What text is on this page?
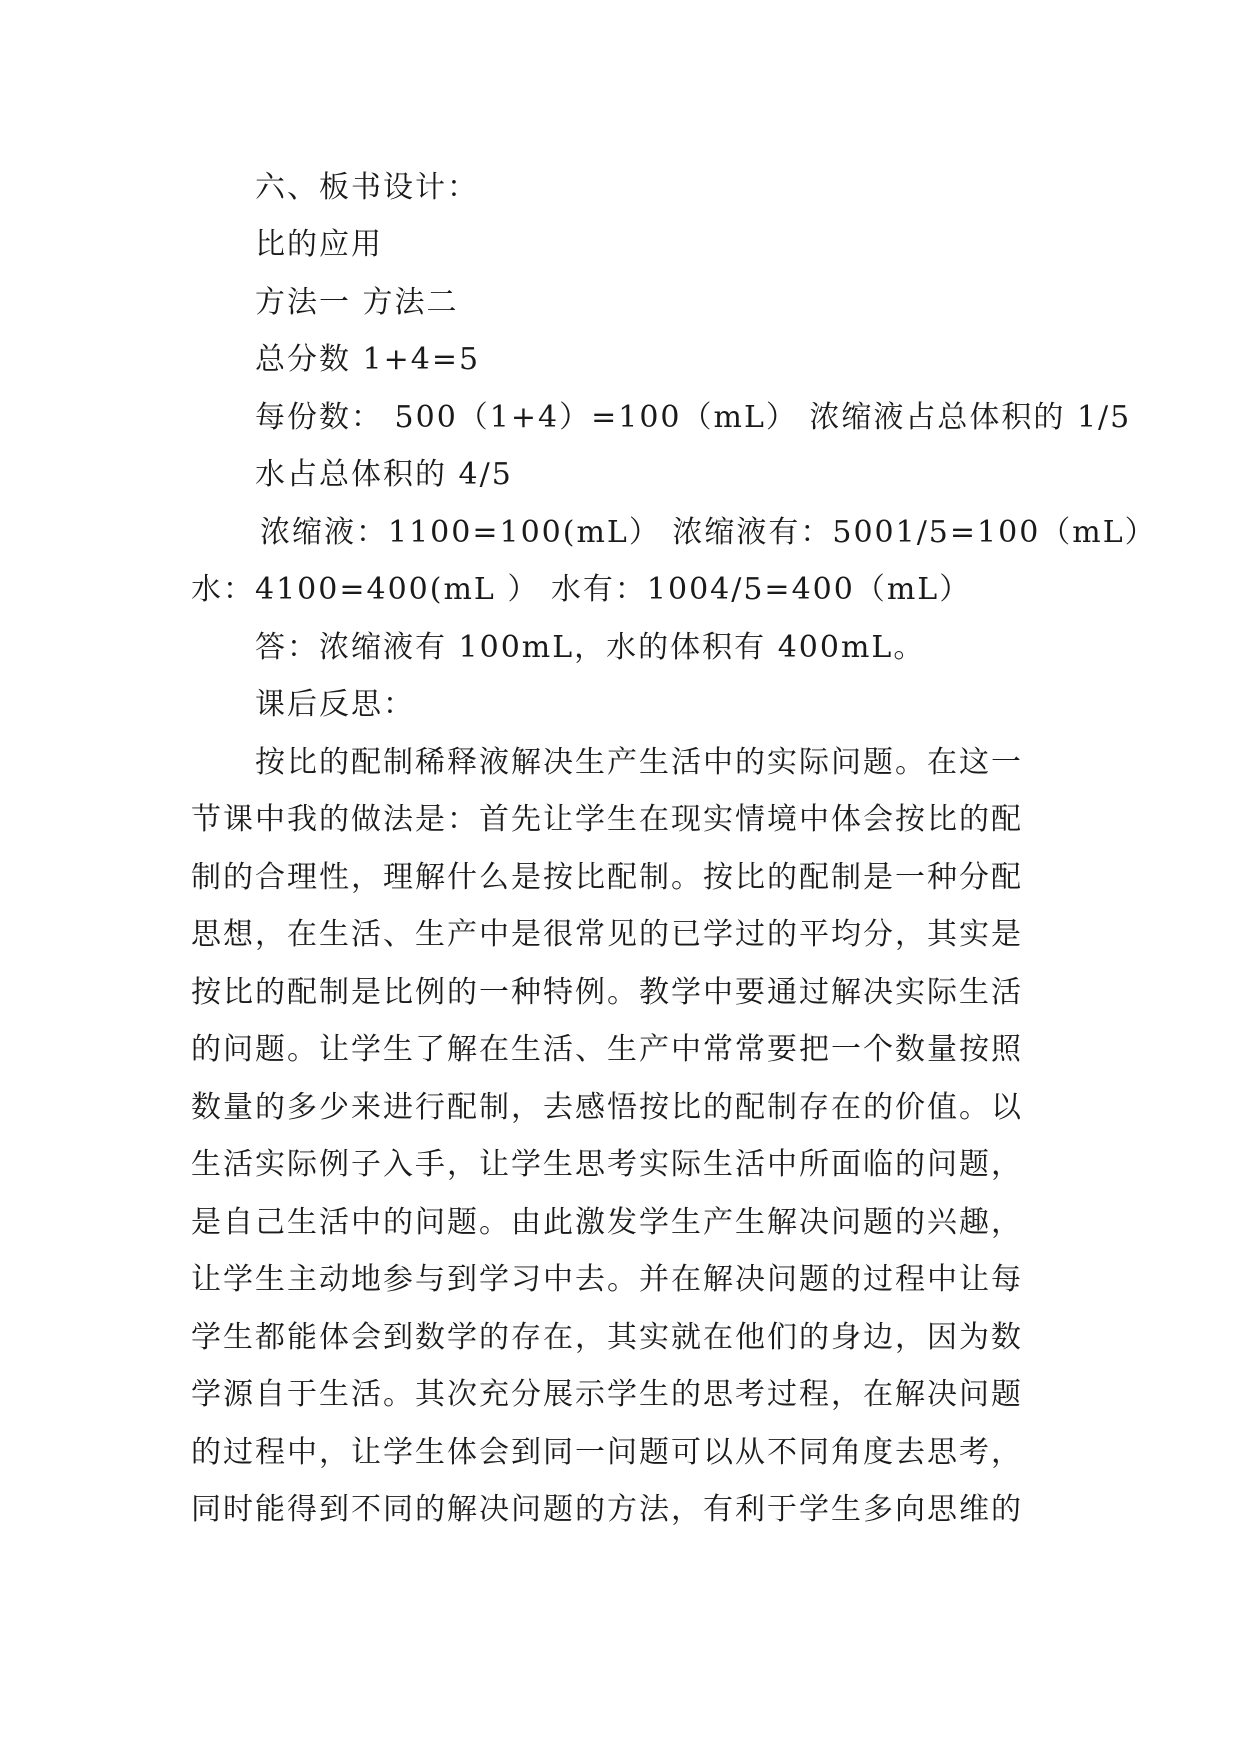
六、板书设计：
比的应用
方法一 方法二
总分数 1+4=5
每份数： 500（1+4）=100（mL） 浓缩液占总体积的 1/5
水占总体积的 4/5
浓缩液：1100=100(mL） 浓缩液有：5001/5=100（mL）
水：4100=400(mL ） 水有：1004/5=400（mL）
答：浓缩液有 100mL，水的体积有 400mL。
课后反思：
按比的配制稀释液解决生产生活中的实际问题。在这一
节课中我的做法是：首先让学生在现实情境中体会按比的配
制的合理性，理解什么是按比配制。按比的配制是一种分配
思想，在生活、生产中是很常见的已学过的平均分，其实是
按比的配制是比例的一种特例。教学中要通过解决实际生活
的问题。让学生了解在生活、生产中常常要把一个数量按照
数量的多少来进行配制，去感悟按比的配制存在的价值。以
生活实际例子入手，让学生思考实际生活中所面临的问题，
是自己生活中的问题。由此激发学生产生解决问题的兴趣，
让学生主动地参与到学习中去。并在解决问题的过程中让每
学生都能体会到数学的存在，其实就在他们的身边，因为数
学源自于生活。其次充分展示学生的思考过程，在解决问题
的过程中，让学生体会到同一问题可以从不同角度去思考，
同时能得到不同的解决问题的方法，有利于学生多向思维的
